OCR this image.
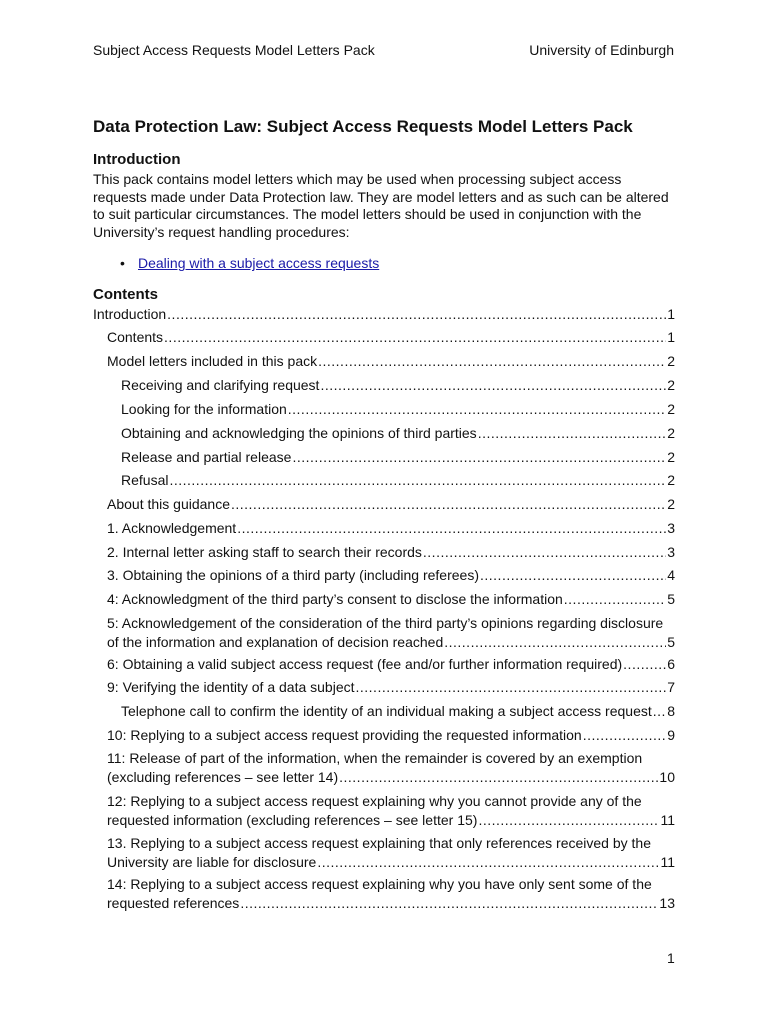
Subject Access Requests Model Letters Pack	University of Edinburgh
Data Protection Law: Subject Access Requests Model Letters Pack
Introduction

This pack contains model letters which may be used when processing subject access requests made under Data Protection law. They are model letters and as such can be altered to suit particular circumstances. The model letters should be used in conjunction with the University’s request handling procedures:

• Dealing with a subject access requests
Contents
Introduction .....	1
Contents .....	1
Model letters included in this pack .....	2
Receiving and clarifying request .....	2
Looking for the information .....	2
Obtaining and acknowledging the opinions of third parties .....	2
Release and partial release .....	2
Refusal .....	2
About this guidance .....	2
1. Acknowledgement .....	3
2. Internal letter asking staff to search their records .....	3
3. Obtaining the opinions of a third party (including referees) .....	4
4: Acknowledgment of the third party’s consent to disclose the information .....	5
5: Acknowledgement of the consideration of the third party’s opinions regarding disclosure
of the information and explanation of decision reached .....	5
6: Obtaining a valid subject access request (fee and/or further information required) .....	6
9: Verifying the identity of a data subject .....	7
Telephone call to confirm the identity of an individual making a subject access request ..... 8
10: Replying to a subject access request providing the requested information .....	9
11: Release of part of the information, when the remainder is covered by an exemption
(excluding references – see letter 14) .....	10
12: Replying to a subject access request explaining why you cannot provide any of the
requested information (excluding references – see letter 15) .....	11
13. Replying to a subject access request explaining that only references received by the
University are liable for disclosure .....	11
14: Replying to a subject access request explaining why you have only sent some of the
requested references .....	13
1
